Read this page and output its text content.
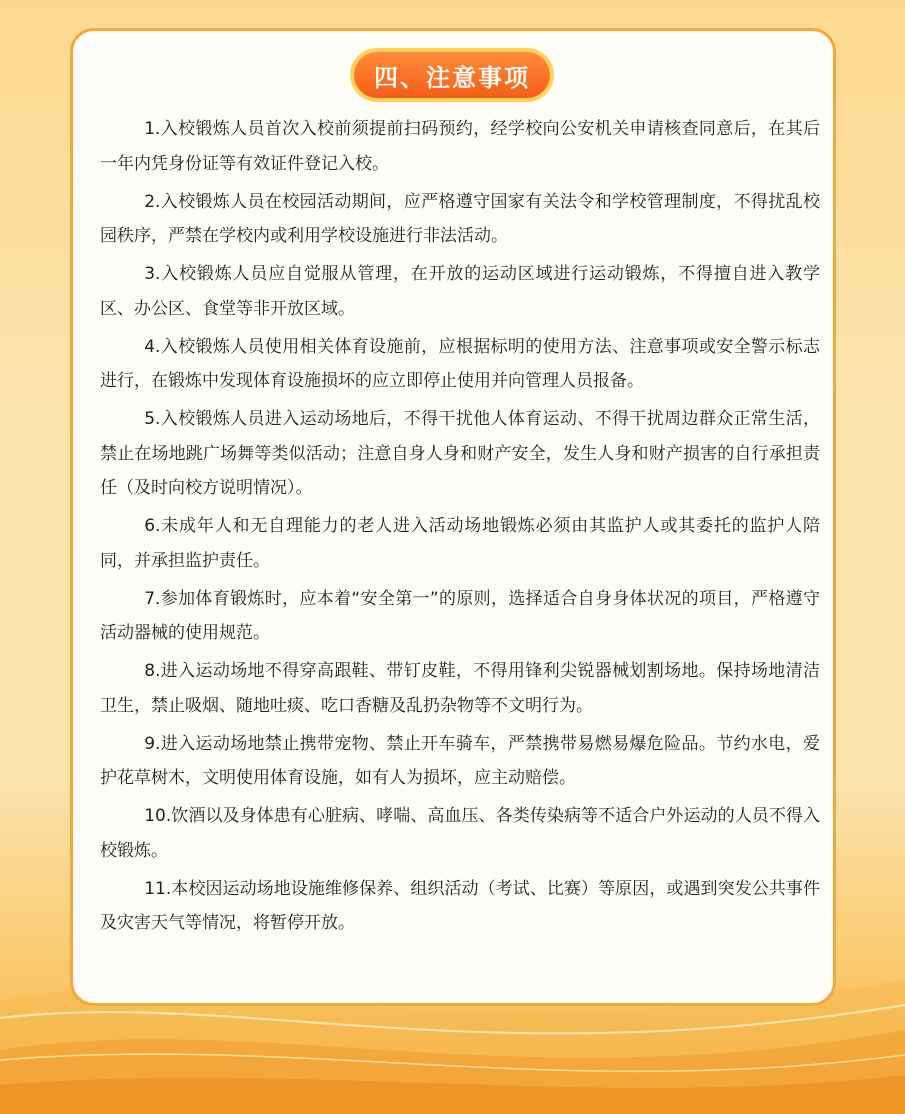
四、注意事项
1.入校锻炼人员首次入校前须提前扫码预约，经学校向公安机关申请核查同意后，在其后一年内凭身份证等有效证件登记入校。
2.入校锻炼人员在校园活动期间，应严格遵守国家有关法令和学校管理制度，不得扰乱校园秩序，严禁在学校内或利用学校设施进行非法活动。
3.入校锻炼人员应自觉服从管理，在开放的运动区域进行运动锻炼，不得擅自进入教学区、办公区、食堂等非开放区域。
4.入校锻炼人员使用相关体育设施前，应根据标明的使用方法、注意事项或安全警示标志进行，在锻炼中发现体育设施损坏的应立即停止使用并向管理人员报备。
5.入校锻炼人员进入运动场地后，不得干扰他人体育运动、不得干扰周边群众正常生活，禁止在场地跳广场舞等类似活动；注意自身人身和财产安全，发生人身和财产损害的自行承担责任（及时向校方说明情况）。
6.未成年人和无自理能力的老人进入活动场地锻炼必须由其监护人或其委托的监护人陪同，并承担监护责任。
7.参加体育锻炼时，应本着“安全第一”的原则，选择适合自身身体状况的项目，严格遵守活动器械的使用规范。
8.进入运动场地不得穿高跟鞋、带钉皮鞋，不得用锋利尖锐器械划割场地。保持场地清洁卫生，禁止吸烟、随地吐痰、吃口香糖及乱扔杂物等不文明行为。
9.进入运动场地禁止携带宠物、禁止开车骑车，严禁携带易燃易爆危险品。节约水电，爱护花草树木，文明使用体育设施，如有人为损坏，应主动赔偿。
10.饮酒以及身体患有心脏病、哮喘、高血压、各类传染病等不适合户外运动的人员不得入校锻炼。
11.本校因运动场地设施维修保养、组织活动（考试、比赛）等原因，或遇到突发公共事件及灾害天气等情况，将暂停开放。
